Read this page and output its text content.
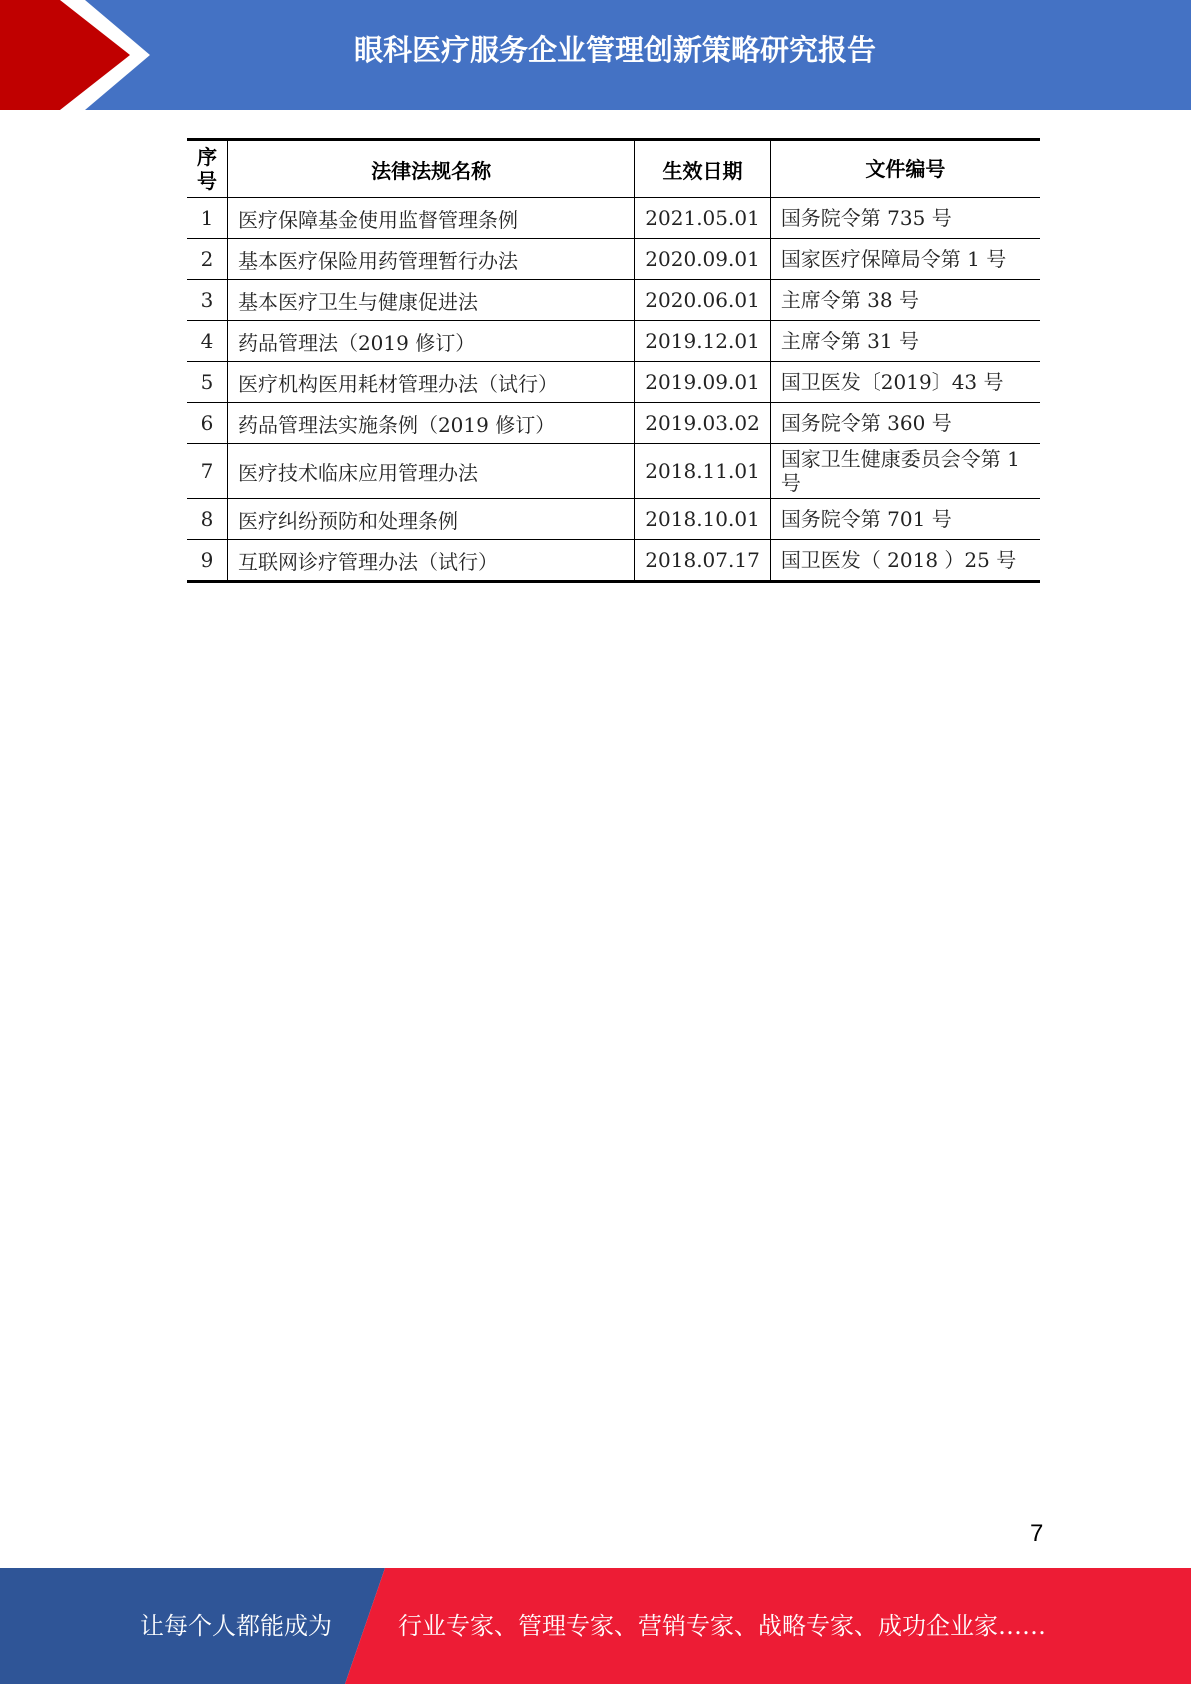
眼科医疗服务企业管理创新策略研究报告
序号	法律法规名称	生效日期	文件编号
1	医疗保障基金使用监督管理条例	2021.05.01	国务院令第 735 号
2	基本医疗保险用药管理暂行办法	2020.09.01	国家医疗保障局令第 1 号
3	基本医疗卫生与健康促进法	2020.06.01	主席令第 38 号
4	药品管理法（2019 修订）	2019.12.01	主席令第 31 号
5	医疗机构医用耗材管理办法（试行）	2019.09.01	国卫医发〔2019〕43 号
6	药品管理法实施条例（2019 修订）	2019.03.02	国务院令第 360 号
7	医疗技术临床应用管理办法	2018.11.01	国家卫生健康委员会令第 1 号
8	医疗纠纷预防和处理条例	2018.10.01	国务院令第 701 号
9	互联网诊疗管理办法（试行）	2018.07.17	国卫医发（ 2018 ）25 号
7
让每个人都能成为	行业专家、管理专家、营销专家、战略专家、成功企业家……
